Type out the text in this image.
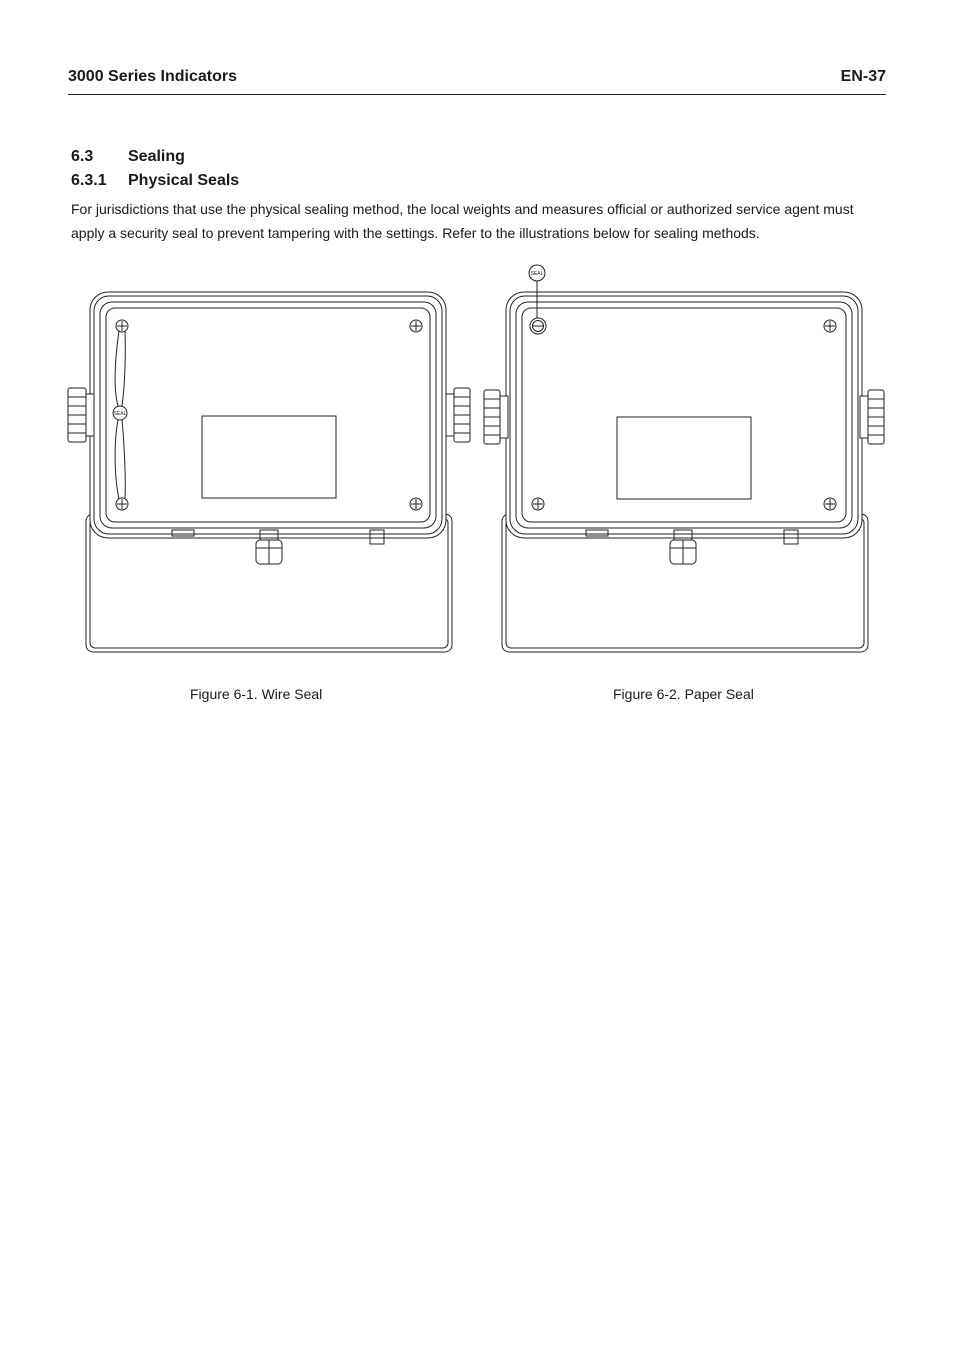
3000 Series Indicators	EN-37
6.3 Sealing
6.3.1 Physical Seals
For jurisdictions that use the physical sealing method, the local weights and measures official or authorized service agent must
apply a security seal to prevent tampering with the settings. Refer to the illustrations below for sealing methods.
SEAL
Figure 6-1. Wire Seal
SEAL
Figure 6-2. Paper Seal
